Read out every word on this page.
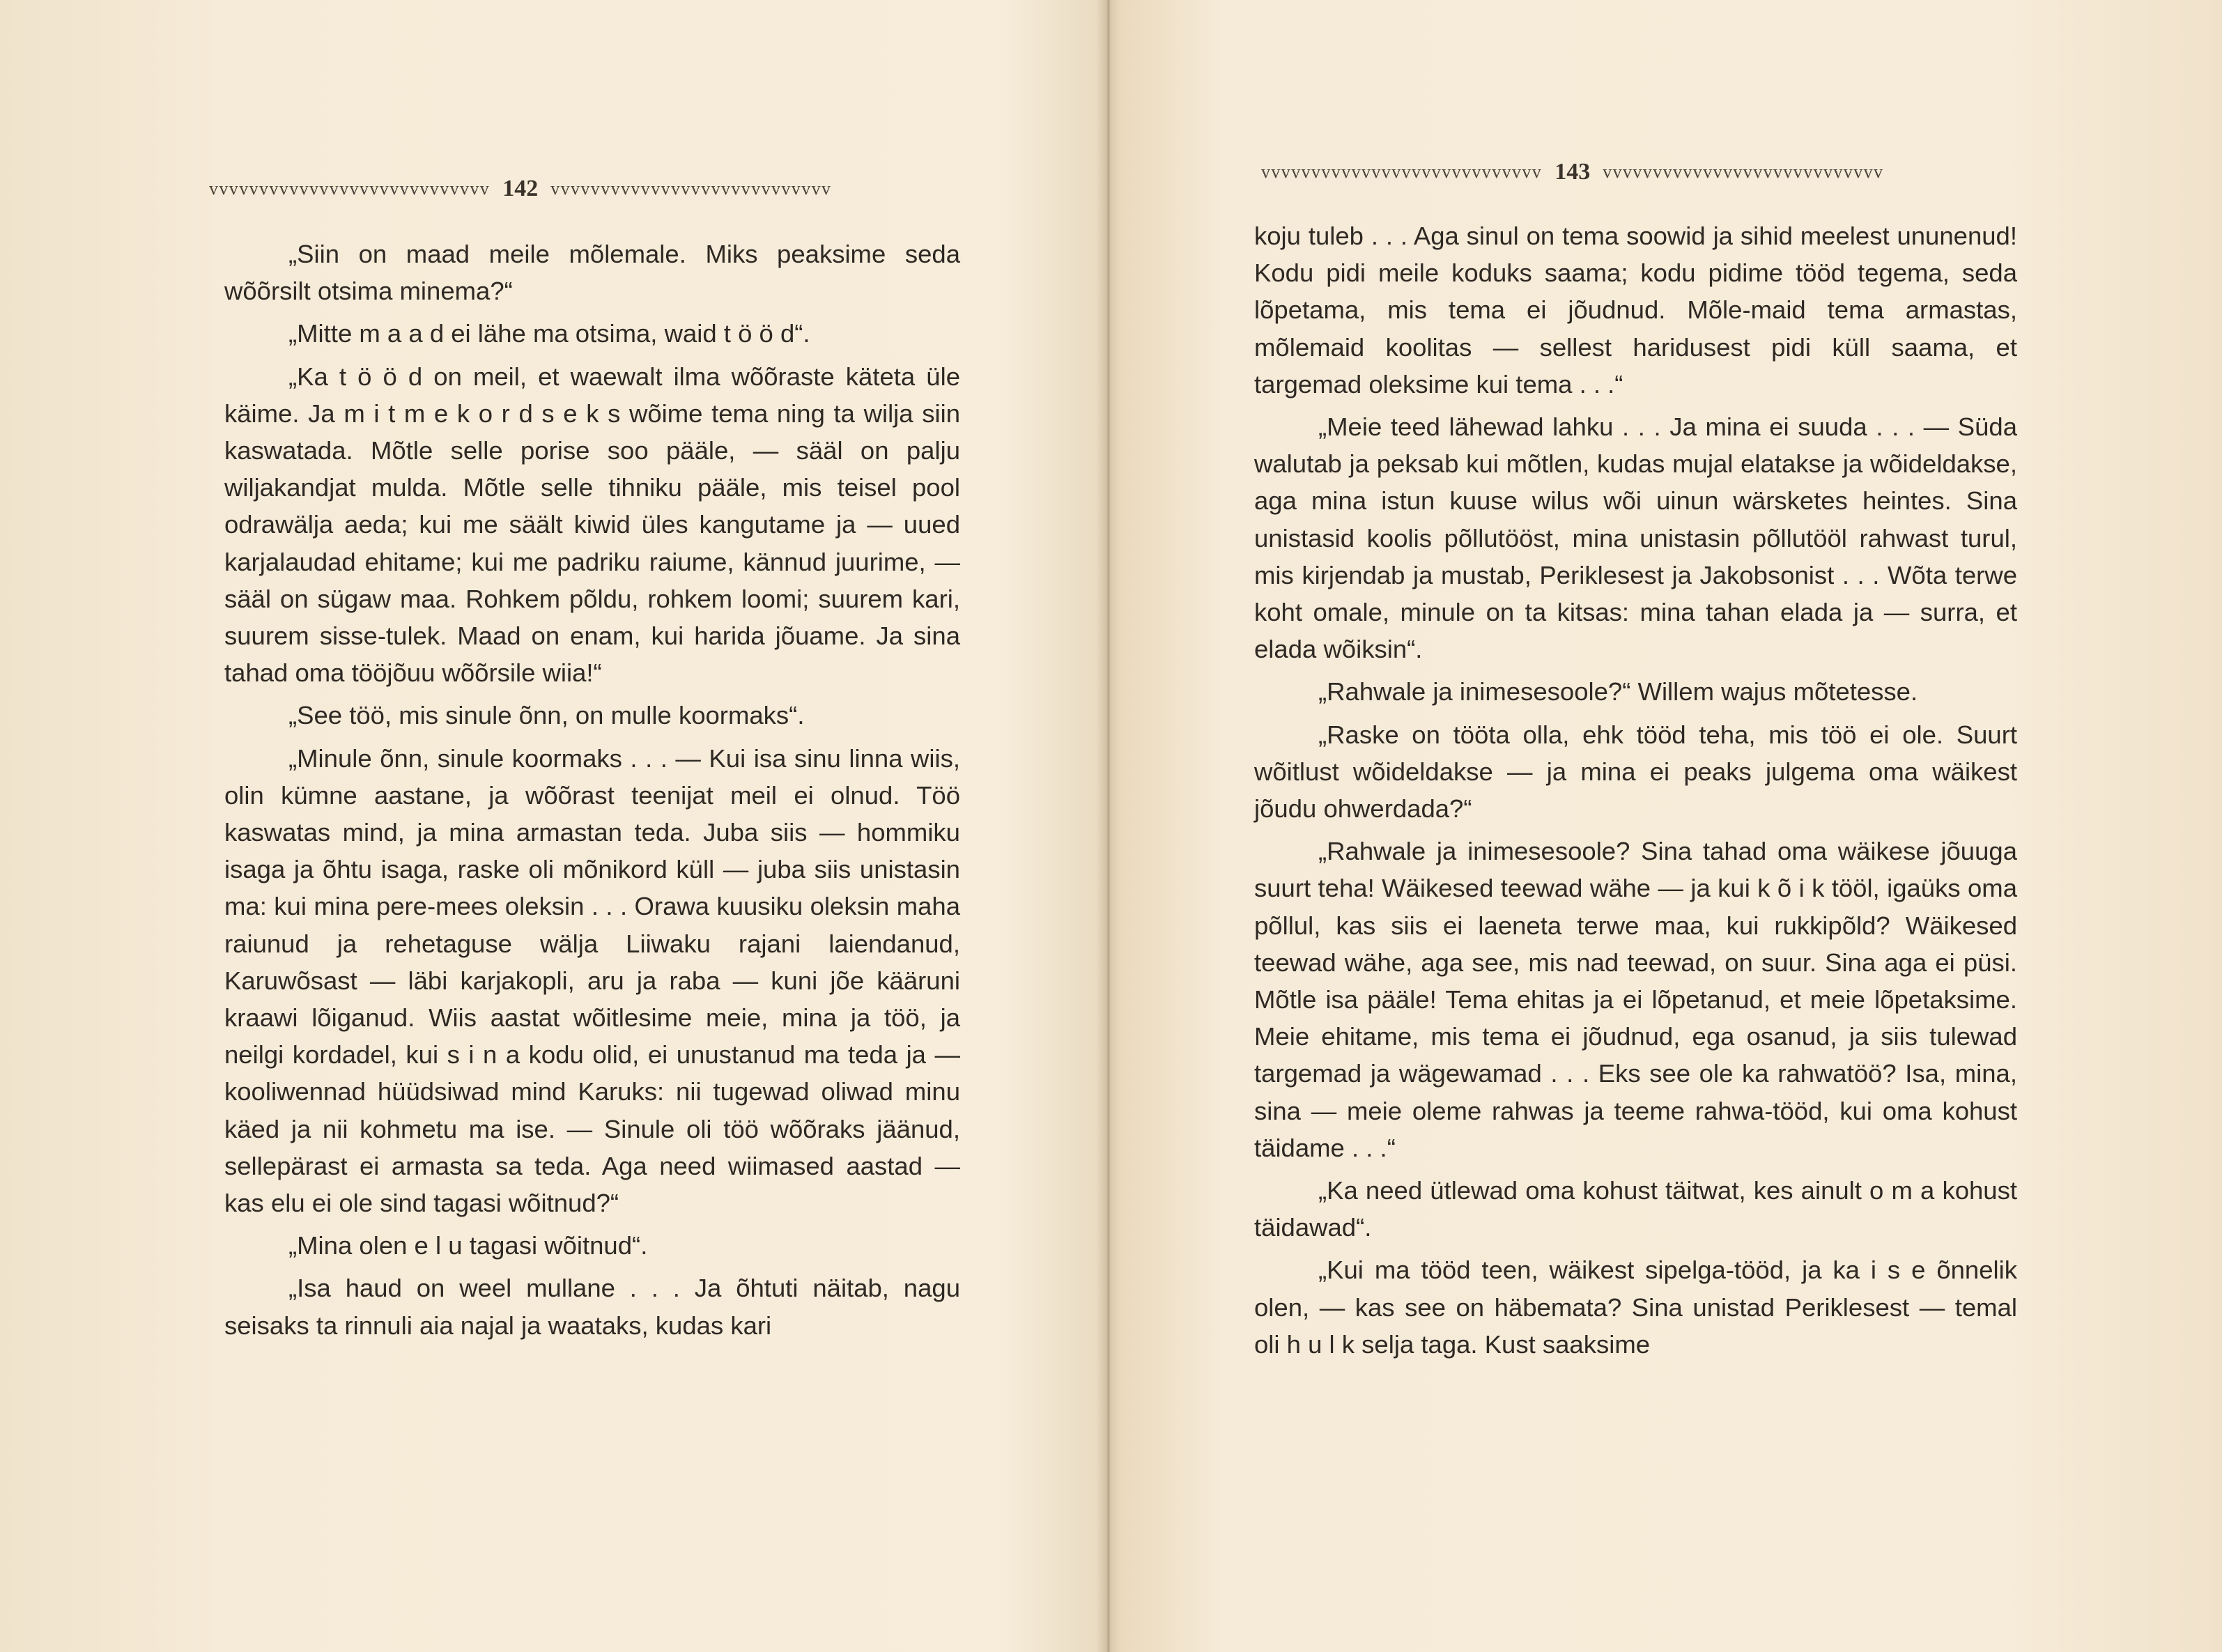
vvvvvvvvvvvvvvvvvvvvvvvvvvvv 142 vvvvvvvvvvvvvvvvvvvvvvvvvvvv

„Siin on maad meile mõlemale. Miks peaksime seda wõõrsilt otsima minema?“

„Mitte m a a d ei lähe ma otsima, waid t ö ö d“.

„Ka t ö ö d on meil, et waewalt ilma wõõraste käteta üle käime. Ja m i t m e k o r d s e k s wõime tema ning ta wilja siin kaswatada. Mõtle selle porise soo pääle, — sääl on palju wiljakandjat mulda. Mõtle selle tihniku pääle, mis teisel pool odrawälja aeda; kui me säält kiwid üles kangutame ja — uued karjalaudad ehitame; kui me padriku raiume, kännud juurime, — sääl on sügaw maa. Rohkem põldu, rohkem loomi; suurem kari, suurem sisse-tulek. Maad on enam, kui harida jõuame. Ja sina tahad oma tööjõuu wõõrsile wiia!“

„See töö, mis sinule õnn, on mulle koormaks“.

„Minule õnn, sinule koormaks . . . — Kui isa sinu linna wiis, olin kümne aastane, ja wõõrast teenijat meil ei olnud. Töö kaswatas mind, ja mina armastan teda. Juba siis — hommiku isaga ja õhtu isaga, raske oli mõnikord küll — juba siis unistasin ma: kui mina pere-mees oleksin . . . Orawa kuusiku oleksin maha raiunud ja rehetaguse wälja Liiwaku rajani laiendanud, Karuwõsast — läbi karjakopli, aru ja raba — kuni jõe kääruni kraawi lõiganud. Wiis aastat wõitlesime meie, mina ja töö, ja neilgi kordadel, kui s i n a kodu olid, ei unustanud ma teda ja — kooliwennad hüüdsiwad mind Karuks: nii tugewad oliwad minu käed ja nii kohmetu ma ise. — Sinule oli töö wõõraks jäänud, sellepärast ei armasta sa teda. Aga need wiimased aastad — kas elu ei ole sind tagasi wõitnud?“

„Mina olen e l u tagasi wõitnud“.

„Isa haud on weel mullane . . . Ja õhtuti näitab, nagu seisaks ta rinnuli aia najal ja waataks, kudas kari

vvvvvvvvvvvvvvvvvvvvvvvvvvvv 143 vvvvvvvvvvvvvvvvvvvvvvvvvvvv

koju tuleb . . . Aga sinul on tema soowid ja sihid meelest ununenud! Kodu pidi meile koduks saama; kodu pidime tööd tegema, seda lõpetama, mis tema ei jõudnud. Mõle-maid tema armastas, mõlemaid koolitas — sellest haridusest pidi küll saama, et targemad oleksime kui tema . . .“

„Meie teed lähewad lahku . . . Ja mina ei suuda . . . — Süda walutab ja peksab kui mõtlen, kudas mujal elatakse ja wõideldakse, aga mina istun kuuse wilus wõi uinun wärsketes heintes. Sina unistasid koolis põllutööst, mina unistasin põllutööl rahwast turul, mis kirjendab ja mustab, Periklesest ja Jakobsonist . . . Wõta terwe koht omale, minule on ta kitsas: mina tahan elada ja — surra, et elada wõiksin“.

„Rahwale ja inimesesoole?“ Willem wajus mõtetesse.

„Raske on tööta olla, ehk tööd teha, mis töö ei ole. Suurt wõitlust wõideldakse — ja mina ei peaks julgema oma wäikest jõudu ohwerdada?“

„Rahwale ja inimesesoole? Sina tahad oma wäikese jõuuga suurt teha! Wäikesed teewad wähe — ja kui k õ i k tööl, igaüks oma põllul, kas siis ei laeneta terwe maa, kui rukkipõld? Wäikesed teewad wähe, aga see, mis nad teewad, on suur. Sina aga ei püsi. Mõtle isa pääle! Tema ehitas ja ei lõpetanud, et meie lõpetaksime. Meie ehitame, mis tema ei jõudnud, ega osanud, ja siis tulewad targemad ja wägewamad . . . Eks see ole ka rahwatöö? Isa, mina, sina — meie oleme rahwas ja teeme rahwa-tööd, kui oma kohust täidame . . .“

„Ka need ütlewad oma kohust täitwat, kes ainult o m a kohust täidawad“.

„Kui ma tööd teen, wäikest sipelga-tööd, ja ka i s e õnnelik olen, — kas see on häbemata? Sina unistad Periklesest — temal oli h u l k selja taga. Kust saaksime
